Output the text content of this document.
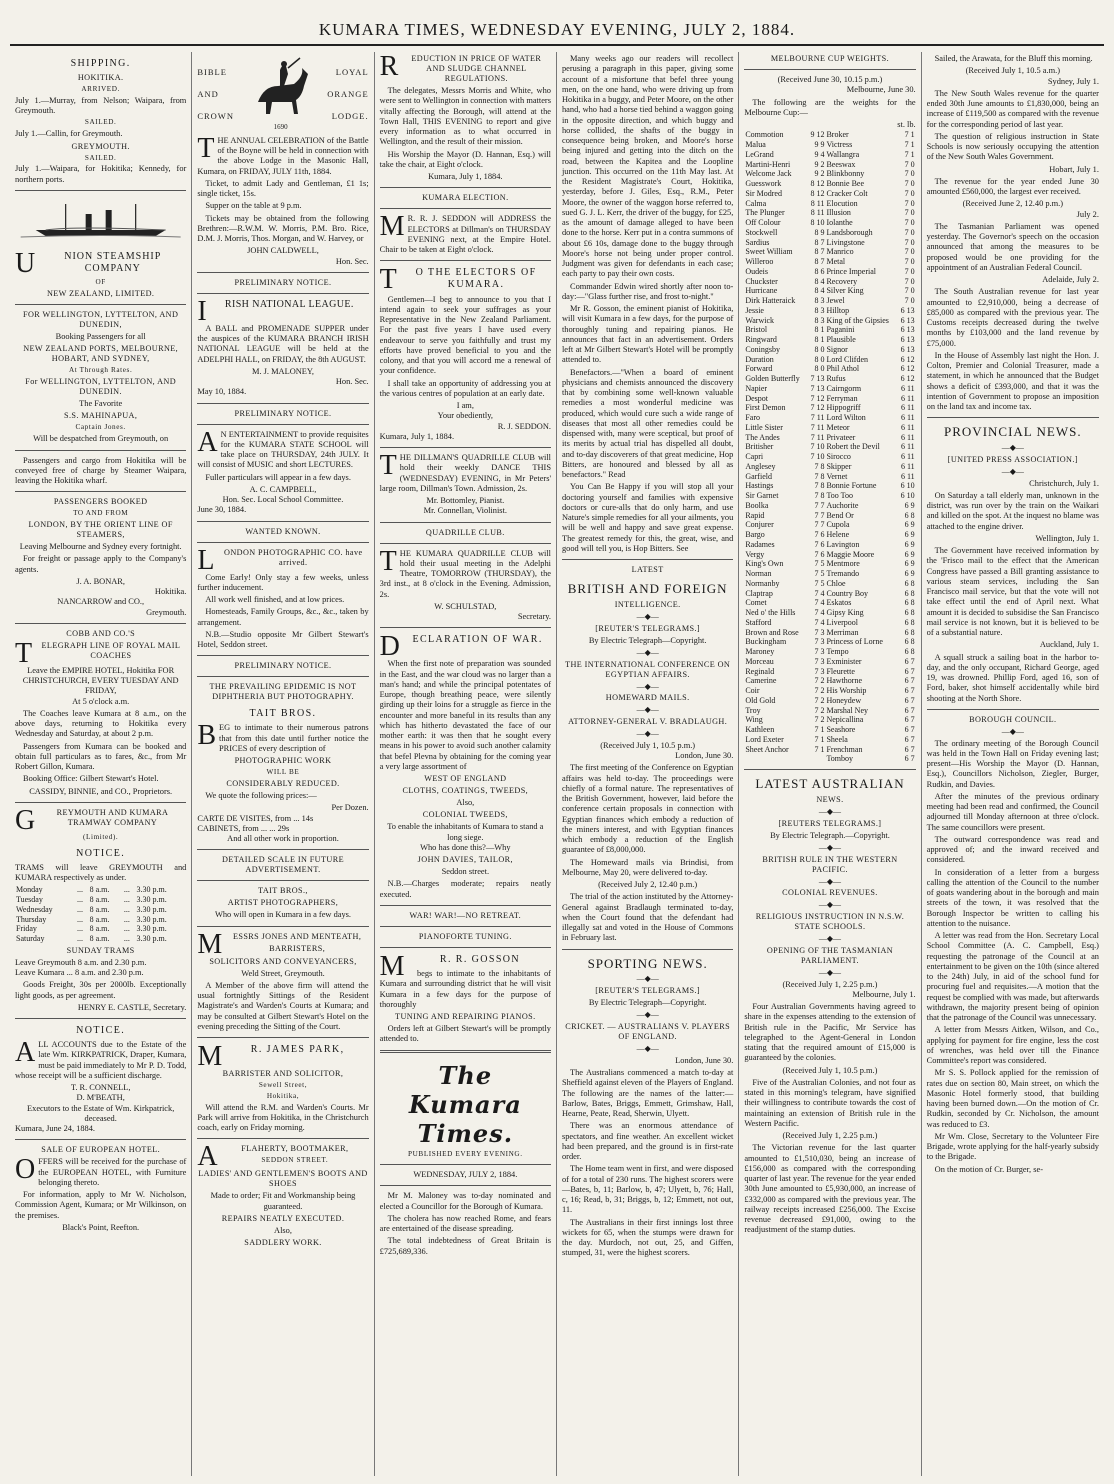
KUMARA TIMES, WEDNESDAY EVENING, JULY 2, 1884.
SHIPPING.
HOKITIKA.
ARRIVED.

July 1.—Murray, from Nelson; Waipara, from Greymouth.

SAILED.

July 1.—Callin, for Greymouth.

GREYMOUTH.
SAILED.

July 1.—Waipara, for Hokitika; Kennedy, for northern ports.

U	NION STEAMSHIP COMPANY
OF
NEW ZEALAND, LIMITED.
FOR WELLINGTON, LYTTELTON, AND DUNEDIN,
Booking Passengers for all
NEW ZEALAND PORTS, MELBOURNE, HOBART, AND SYDNEY,
At Through Rates.
For WELLINGTON, LYTTELTON, AND DUNEDIN.
The Favorite
S.S. MAHINAPUA,
Captain Jones.
Will be despatched from Greymouth, on

Passengers and cargo from Hokitika will be conveyed free of charge by Steamer Waipara, leaving the Hokitika wharf.

PASSENGERS BOOKED
TO AND FROM
LONDON, BY THE ORIENT LINE OF STEAMERS,
Leaving Melbourne and Sydney every fortnight.

For freight or passage apply to the Company's agents.

J. A. BONAR,
Hokitika.
NANCARROW and CO.,
Greymouth.
COBB AND CO.'S
T ELEGRAPH LINE OF ROYAL MAIL COACHES
Leave the EMPIRE HOTEL, Hokitika FOR CHRISTCHURCH, EVERY TUESDAY AND FRIDAY,
At 5 o'clock a.m.

The Coaches leave Kumara at 8 a.m., on the above days, returning to Hokitika every Wednesday and Saturday, at about 2 p.m.

Passengers from Kumara can be booked and obtain full particulars as to fares, &c., from Mr Robert Gillon, Kumara.

Booking Office: Gilbert Stewart's Hotel.

CASSIDY, BINNIE, and CO., Proprietors.
G	REYMOUTH AND KUMARA TRAMWAY COMPANY
(Limited).
NOTICE.

TRAMS will leave GREYMOUTH and KUMARA respectively as under.

Monday	...	8 a.m.	...	3.30 p.m.
Tuesday	...	8 a.m.	...	3.30 p.m.
Wednesday	...	8 a.m.	...	3.30 p.m.
Thursday	...	8 a.m.	...	3.30 p.m.
Friday	...	8 a.m.	...	3.30 p.m.
Saturday	...	8 a.m.	...	3.30 p.m.
SUNDAY TRAMS
Leave Greymouth 8 a.m. and 2.30 p.m.
Leave Kumara ... 8 a.m. and 2.30 p.m.

Goods Freight, 30s per 2000lb. Exceptionally light goods, as per agreement.

HENRY E. CASTLE, Secretary.
NOTICE.

ALL ACCOUNTS due to the Estate of the late Wm. KIRKPATRICK, Draper, Kumara, must be paid immediately to Mr P. D. Todd, whose receipt will be a sufficient discharge.

T. R. CONNELL,
D. M'BEATH,
Executors to the Estate of Wm. Kirkpatrick, deceased.
Kumara, June 24, 1884.
SALE OF EUROPEAN HOTEL.

OFFERS will be received for the purchase of the EUROPEAN HOTEL, with Furniture belonging thereto.

For information, apply to Mr W. Nicholson, Commission Agent, Kumara; or Mr Wilkinson, on the premises.

Black's Point, Reefton.
BIBLE
AND
CROWN
1690
LOYAL
ORANGE
LODGE.

THE ANNUAL CELEBRATION of the Battle of the Boyne will be held in connection with the above Lodge in the Masonic Hall, Kumara, on FRIDAY, JULY 11th, 1884.

Ticket, to admit Lady and Gentleman, £1 1s; single ticket, 15s.

Supper on the table at 9 p.m.

Tickets may be obtained from the following Brethren:—R.W.M. W. Morris, P.M. Bro. Rice, D.M. J. Morris, Thos. Morgan, and W. Harvey, or

JOHN CALDWELL,
Hon. Sec.
PRELIMINARY NOTICE.
I RISH NATIONAL LEAGUE.

A BALL and PROMENADE SUPPER under the auspices of the KUMARA BRANCH IRISH NATIONAL LEAGUE will be held at the ADELPHI HALL, on FRIDAY, the 8th AUGUST.

M. J. MALONEY,
Hon. Sec.
May 10, 1884.
PRELIMINARY NOTICE.

A N ENTERTAINMENT to provide requisites for the KUMARA STATE SCHOOL will take place on THURSDAY, 24th JULY. It will consist of MUSIC and short LECTURES.

Fuller particulars will appear in a few days.

A. C. CAMPBELL,
Hon. Sec. Local School Committee.
June 30, 1884.
WANTED KNOWN.
L ONDON PHOTOGRAPHIC CO. have arrived.

Come Early! Only stay a few weeks, unless further inducement.

All work well finished, and at low prices.

Homesteads, Family Groups, &c., &c., taken by arrangement.

N.B.—Studio opposite Mr Gilbert Stewart's Hotel, Seddon street.

PRELIMINARY NOTICE.
THE PREVAILING EPIDEMIC IS NOT DIPHTHERIA BUT PHOTOGRAPHY.
TAIT BROS.

BEG to intimate to their numerous patrons that from this date until further notice the PRICES of every description of

PHOTOGRAPHIC WORK
WILL BE
CONSIDERABLY REDUCED.

We quote the following prices:—

Per Dozen.
CARTE DE VISITES, from ... 14s
CABINETS, from ... ... 29s
And all other work in proportion.
DETAILED SCALE IN FUTURE ADVERTISEMENT.
TAIT BROS.,
ARTIST PHOTOGRAPHERS,
Who will open in Kumara in a few days.
M ESSRS JONES AND MENTEATH,
BARRISTERS,
SOLICITORS AND CONVEYANCERS,
Weld Street, Greymouth.

A Member of the above firm will attend the usual fortnightly Sittings of the Resident Magistrate's and Warden's Courts at Kumara; and may be consulted at Gilbert Stewart's Hotel on the evening preceding the Sitting of the Court.

M	R. JAMES PARK,
BARRISTER AND SOLICITOR,
Sewell Street,
Hokitika,

Will attend the R.M. and Warden's Courts. Mr Park will arrive from Hokitika, in the Christchurch coach, early on Friday morning.

A	FLAHERTY, BOOTMAKER,
SEDDON STREET.
LADIES' AND GENTLEMEN'S BOOTS AND SHOES
Made to order; Fit and Workmanship being guaranteed.
REPAIRS NEATLY EXECUTED.
Also,
SADDLERY WORK.
R EDUCTION IN PRICE OF WATER AND SLUDGE CHANNEL REGULATIONS.

The delegates, Messrs Morris and White, who were sent to Wellington in connection with matters vitally affecting the Borough, will attend at the Town Hall, THIS EVENING to report and give every information as to what occurred in Wellington, and the result of their mission.

His Worship the Mayor (D. Hannan, Esq.) will take the chair, at Eight o'clock.

Kumara, July 1, 1884.
KUMARA ELECTION.

M R. R. J. SEDDON will ADDRESS the ELECTORS at Dillman's on THURSDAY EVENING next, at the Empire Hotel. Chair to be taken at Eight o'clock.

T O THE ELECTORS OF KUMARA.

Gentlemen—I beg to announce to you that I intend again to seek your suffrages as your Representative in the New Zealand Parliament. For the past five years I have used every endeavour to serve you faithfully and trust my efforts have proved beneficial to you and the colony, and that you will accord me a renewal of your confidence.

I shall take an opportunity of addressing you at the various centres of population at an early date.

I am,
Your obediently,
R. J. SEDDON.
Kumara, July 1, 1884.

THE DILLMAN'S QUADRILLE CLUB will hold their weekly DANCE THIS (WEDNESDAY) EVENING, in Mr Peters' large room, Dillman's Town. Admission, 2s.

Mr. Bottomley, Pianist.
Mr. Connellan, Violinist.
QUADRILLE CLUB.

THE KUMARA QUADRILLE CLUB will hold their usual meeting in the Adelphi Theatre, TOMORROW (THURSDAY), the 3rd inst., at 8 o'clock in the Evening. Admission, 2s.

W. SCHULSTAD,
Secretary.
D ECLARATION OF WAR.

When the first note of preparation was sounded in the East, and the war cloud was no larger than a man's hand; and while the principal potentates of Europe, though breathing peace, were silently girding up their loins for a struggle as fierce in the encounter and more baneful in its results than any which has hitherto devastated the face of our mother earth: it was then that he sought every means in his power to avoid such another calamity that befel Plevna by obtaining for the coming year a very large assortment of

WEST OF ENGLAND
CLOTHS, COATINGS, TWEEDS,
Also,
COLONIAL TWEEDS,
To enable the inhabitants of Kumara to stand a long siege.
Who has done this?—Why
JOHN DAVIES, TAILOR,
Seddon street.

N.B.—Charges moderate; repairs neatly executed.

WAR! WAR!—NO RETREAT.
PIANOFORTE TUNING.
M	R. R. GOSSON

begs to intimate to the inhabitants of Kumara and surrounding district that he will visit Kumara in a few days for the purpose of thoroughly

TUNING AND REPAIRING PIANOS.

Orders left at Gilbert Stewart's will be promptly attended to.

The Kumara Times.
PUBLISHED EVERY EVENING.
WEDNESDAY, JULY 2, 1884.

Mr M. Maloney was to-day nominated and elected a Councillor for the Borough of Kumara.

The cholera has now reached Rome, and fears are entertained of the disease spreading.

The total indebtedness of Great Britain is £725,689,336.

Many weeks ago our readers will recollect perusing a paragraph in this paper, giving some account of a misfortune that befel three young men, on the one hand, who were driving up from Hokitika in a buggy, and Peter Moore, on the other hand, who had a horse tied behind a waggon going in the opposite direction, and which buggy and horse collided, the shafts of the buggy in consequence being broken, and Moore's horse being injured and getting into the ditch on the road, between the Kapitea and the Loopline junction. This occurred on the 11th May last. At the Resident Magistrate's Court, Hokitika, yesterday, before J. Giles, Esq., R.M., Peter Moore, the owner of the waggon horse referred to, sued G. J. L. Kerr, the driver of the buggy, for £25, as the amount of damage alleged to have been done to the horse. Kerr put in a contra summons of about £6 10s, damage done to the buggy through Moore's horse not being under proper control. Judgment was given for defendants in each case; each party to pay their own costs.

Commander Edwin wired shortly after noon to-day:—"Glass further rise, and frost to-night."

Mr R. Gosson, the eminent pianist of Hokitika, will visit Kumara in a few days, for the purpose of thoroughly tuning and repairing pianos. He announces that fact in an advertisement. Orders left at Mr Gilbert Stewart's Hotel will be promptly attended to.

Benefactors.—"When a board of eminent physicians and chemists announced the discovery that by combining some well-known valuable remedies a most wonderful medicine was produced, which would cure such a wide range of diseases that most all other remedies could be dispensed with, many were sceptical, but proof of its merits by actual trial has dispelled all doubt, and to-day discoverers of that great medicine, Hop Bitters, are honoured and blessed by all as benefactors." Read

You Can Be Happy if you will stop all your doctoring yourself and families with expensive doctors or cure-alls that do only harm, and use Nature's simple remedies for all your ailments, you will be well and happy and save great expense. The greatest remedy for this, the great, wise, and good will tell you, is Hop Bitters. See

LATEST
BRITISH AND FOREIGN
INTELLIGENCE.
—◆—
[REUTER'S TELEGRAMS.]
By Electric Telegraph—Copyright.
—◆—
THE INTERNATIONAL CONFERENCE ON EGYPTIAN AFFAIRS.
—◆—
HOMEWARD MAILS.
—◆—
ATTORNEY-GENERAL V. BRADLAUGH.
—◆—
(Received July 1, 10.5 p.m.)
London, June 30.

The first meeting of the Conference on Egyptian affairs was held to-day. The proceedings were chiefly of a formal nature. The representatives of the British Government, however, laid before the conference certain proposals in connection with Egyptian finances which embody a reduction of the miners interest, and with Egyptian finances which embody a reduction of the English guarantee of £8,000,000.

The Homeward mails via Brindisi, from Melbourne, May 20, were delivered to-day.

(Received July 2, 12.40 p.m.)

The trial of the action instituted by the Attorney-General against Bradlaugh terminated to-day, when the Court found that the defendant had illegally sat and voted in the House of Commons in February last.

SPORTING NEWS.
—◆—
[REUTER'S TELEGRAMS.]
By Electric Telegraph—Copyright.
—◆—
CRICKET. — AUSTRALIANS V. PLAYERS OF ENGLAND.
—◆—
London, June 30.

The Australians commenced a match to-day at Sheffield against eleven of the Players of England. The following are the names of the latter:—Barlow, Bates, Briggs, Emmett, Grimshaw, Hall, Hearne, Peate, Read, Sherwin, Ulyett.

There was an enormous attendance of spectators, and fine weather. An excellent wicket had been prepared, and the ground is in first-rate order.

The Home team went in first, and were disposed of for a total of 230 runs. The highest scorers were—Bates, b, 11; Barlow, b, 47; Ulyett, b, 76; Hall, c, 16; Read, b, 31; Briggs, b, 12; Emmett, not out, 11.

The Australians in their first innings lost three wickets for 65, when the stumps were drawn for the day. Murdoch, not out, 25, and Giffen, stumped, 31, were the highest scorers.

MELBOURNE CUP WEIGHTS.
(Received June 30, 10.15 p.m.)
Melbourne, June 30.

The following are the weights for the Melbourne Cup:—

st. lb.
Commotion	9 12	Broker	7 1
Malua	9 9	Victress	7 1
LeGrand	9 4	Wallangra	7 1
Martini-Henri	9 2	Beeswax	7 0
Welcome Jack	9 2	Blinkbonny	7 0
Guesswork	8 12	Bonnie Bee	7 0
Sir Modred	8 12	Cracker Colt	7 0
Calma	8 11	Elocution	7 0
The Plunger	8 11	Illusion	7 0
Off Colour	8 10	Iolanthe	7 0
Stockwell	8 9	Landsborough	7 0
Sardius	8 7	Livingstone	7 0
Sweet William	8 7	Manrico	7 0
Willeroo	8 7	Metal	7 0
Oudeis	8 6	Prince Imperial	7 0
Chuckster	8 4	Recovery	7 0
Hurricane	8 4	Silver King	7 0
Dirk Hatteraick	8 3	Jewel	7 0
Jessie	8 3	Hilltop	6 13
Warwick	8 3	King of the Gipsies	6 13
Bristol	8 1	Paganini	6 13
Ringward	8 1	Plausible	6 13
Coningsby	8 0	Signor	6 13
Duration	8 0	Lord Clifden	6 12
Forward	8 0	Phil Athol	6 12
Golden Butterfly	7 13	Rufus	6 12
Napier	7 13	Cairngorm	6 11
Despot	7 12	Ferryman	6 11
First Demon	7 12	Hippogriff	6 11
Faro	7 11	Lord Wilton	6 11
Little Sister	7 11	Meteor	6 11
The Andes	7 11	Privateer	6 11
Britisher	7 10	Robert the Devil	6 11
Capri	7 10	Sirocco	6 11
Anglesey	7 8	Skipper	6 11
Garfield	7 8	Vernet	6 11
Hastings	7 8	Bonnie Fortune	6 10
Sir Garnet	7 8	Too Too	6 10
Boolka	7 7	Auchorite	6 9
Rapid	7 7	Bend Or	6 8
Conjurer	7 7	Cupola	6 9
Bargo	7 6	Helene	6 9
Radames	7 6	Lavington	6 9
Vergy	7 6	Maggie Moore	6 9
King's Own	7 5	Mentmore	6 9
Norman	7 5	Tremando	6 9
Normanby	7 5	Chloe	6 8
Claptrap	7 4	Country Boy	6 8
Comet	7 4	Eskatos	6 8
Ned o' the Hills	7 4	Gipsy King	6 8
Stafford	7 4	Liverpool	6 8
Brown and Rose	7 3	Merriman	6 8
Buckingham	7 3	Princess of Lorne	6 8
Maroney	7 3	Tempo	6 8
Morceau	7 3	Exminister	6 7
Reginald	7 3	Fleurette	6 7
Camerine	7 2	Hawthorne	6 7
Coir	7 2	His Worship	6 7
Old Gold	7 2	Honeydew	6 7
Troy	7 2	Marshal Ney	6 7
Wing	7 2	Nepicallina	6 7
Kathleen	7 1	Seashore	6 7
Lord Exeter	7 1	Sheela	6 7
Sheet Anchor	7 1	Frenchman	6 7
		Tomboy	6 7
LATEST AUSTRALIAN
NEWS.
—◆—
[REUTERS TELEGRAMS.]
By Electric Telegraph.—Copyright.
—◆—
BRITISH RULE IN THE WESTERN PACIFIC.
—◆—
COLONIAL REVENUES.
—◆—
RELIGIOUS INSTRUCTION IN N.S.W. STATE SCHOOLS.
—◆—
OPENING OF THE TASMANIAN PARLIAMENT.
—◆—
(Received July 1, 2.25 p.m.)
Melbourne, July 1.

Four Australian Governments having agreed to share in the expenses attending to the extension of British rule in the Pacific, Mr Service has telegraphed to the Agent-General in London stating that the required amount of £15,000 is guaranteed by the colonies.

(Received July 1, 10.5 p.m.)

Five of the Australian Colonies, and not four as stated in this morning's telegram, have signified their willingness to contribute towards the cost of maintaining an extension of British rule in the Western Pacific.

(Received July 1, 2.25 p.m.)

The Victorian revenue for the last quarter amounted to £1,510,030, being an increase of £156,000 as compared with the corresponding quarter of last year. The revenue for the year ended 30th June amounted to £5,930,000, an increase of £332,000 as compared with the previous year. The railway receipts increased £256,000. The Excise revenue decreased £91,000, owing to the readjustment of the stamp duties.

Sailed, the Arawata, for the Bluff this morning.

(Received July 1, 10.5 a.m.)
Sydney, July 1.

The New South Wales revenue for the quarter ended 30th June amounts to £1,830,000, being an increase of £119,500 as compared with the revenue for the corresponding period of last year.

The question of religious instruction in State Schools is now seriously occupying the attention of the New South Wales Government.

Hobart, July 1.

The revenue for the year ended June 30 amounted £560,000, the largest ever received.

(Received June 2, 12.40 p.m.)
July 2.

The Tasmanian Parliament was opened yesterday. The Governor's speech on the occasion announced that among the measures to be proposed would be one providing for the appointment of an Australian Federal Council.

Adelaide, July 2.

The South Australian revenue for last year amounted to £2,910,000, being a decrease of £85,000 as compared with the previous year. The Customs receipts decreased during the twelve months by £103,000 and the land revenue by £75,000.

In the House of Assembly last night the Hon. J. Colton, Premier and Colonial Treasurer, made a statement, in which he announced that the Budget shows a deficit of £393,000, and that it was the intention of Government to propose an imposition on the land tax and income tax.

PROVINCIAL NEWS.
—◆—
[UNITED PRESS ASSOCIATION.]
—◆—
Christchurch, July 1.

On Saturday a tall elderly man, unknown in the district, was run over by the train on the Waikari and killed on the spot. At the inquest no blame was attached to the engine driver.

Wellington, July 1.

The Government have received information by the 'Frisco mail to the effect that the American Congress have passed a Bill granting assistance to various steam services, including the San Francisco mail service, but that the vote will not take effect until the end of April next. What amount it is decided to subsidise the San Francisco mail service is not known, but it is believed to be of a substantial nature.

Auckland, July 1.

A squall struck a sailing boat in the harbor to-day, and the only occupant, Richard George, aged 19, was drowned. Phillip Ford, aged 16, son of Ford, baker, shot himself accidentally while bird shooting at the North Shore.

BOROUGH COUNCIL.
—◆—

The ordinary meeting of the Borough Council was held in the Town Hall on Friday evening last; present—His Worship the Mayor (D. Hannan, Esq.), Councillors Nicholson, Ziegler, Burger, Rudkin, and Davies.

After the minutes of the previous ordinary meeting had been read and confirmed, the Council adjourned till Monday afternoon at three o'clock. The same councillors were present.

The outward correspondence was read and approved of; and the inward received and considered.

In consideration of a letter from a burgess calling the attention of the Council to the number of goats wandering about in the borough and main streets of the town, it was resolved that the Borough Inspector be written to calling his attention to the nuisance.

A letter was read from the Hon. Secretary Local School Committee (A. C. Campbell, Esq.) requesting the patronage of the Council at an entertainment to be given on the 10th (since altered to the 24th) July, in aid of the school fund for procuring fuel and requisites.—A motion that the request be complied with was made, but afterwards withdrawn, the majority present being of opinion that the patronage of the Council was unnecessary.

A letter from Messrs Aitken, Wilson, and Co., applying for payment for fire engine, less the cost of wrenches, was held over till the Finance Committee's report was considered.

Mr S. S. Pollock applied for the remission of rates due on section 80, Main street, on which the Masonic Hotel formerly stood, that building having been burned down.—On the motion of Cr. Rudkin, seconded by Cr. Nicholson, the amount was reduced to £3.

Mr Wm. Close, Secretary to the Volunteer Fire Brigade, wrote applying for the half-yearly subsidy to the Brigade.

On the motion of Cr. Burger, se-
